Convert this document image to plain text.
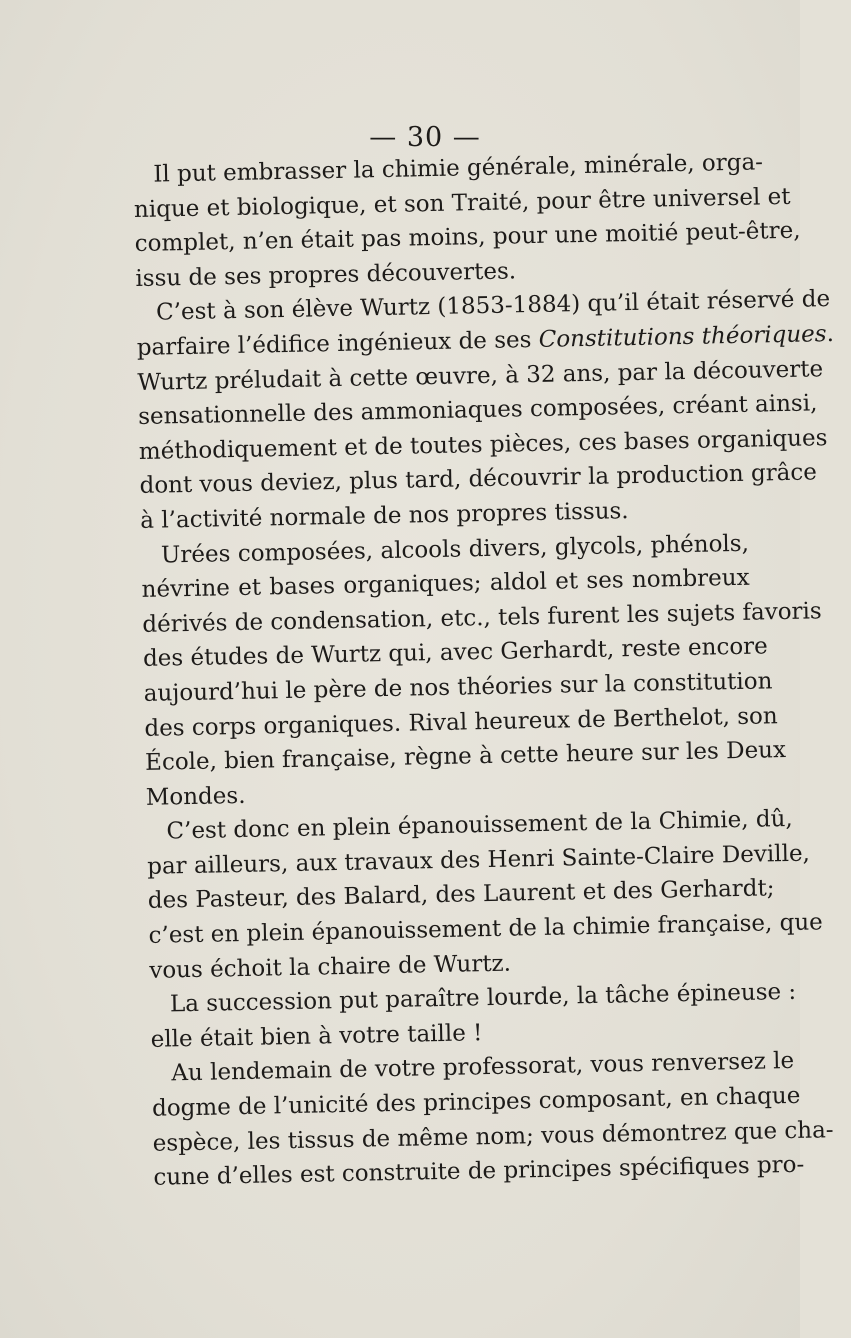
— 30 —
Il put embrasser la chimie générale, minérale, orga-
nique et biologique, et son Traité, pour être universel et
complet, n’en était pas moins, pour une moitié peut-être,
issu de ses propres découvertes.
C’est à son élève Wurtz (1853-1884) qu’il était réservé de
parfaire l’édifice ingénieux de ses Constitutions théoriques.
Wurtz préludait à cette œuvre, à 32 ans, par la découverte
sensationnelle des ammoniaques composées, créant ainsi,
méthodiquement et de toutes pièces, ces bases organiques
dont vous deviez, plus tard, découvrir la production grâce
à l’activité normale de nos propres tissus.
Urées composées, alcools divers, glycols, phénols,
névrine et bases organiques; aldol et ses nombreux
dérivés de condensation, etc., tels furent les sujets favoris
des études de Wurtz qui, avec Gerhardt, reste encore
aujourd’hui le père de nos théories sur la constitution
des corps organiques. Rival heureux de Berthelot, son
École, bien française, règne à cette heure sur les Deux
Mondes.
C’est donc en plein épanouissement de la Chimie, dû,
par ailleurs, aux travaux des Henri Sainte-Claire Deville,
des Pasteur, des Balard, des Laurent et des Gerhardt;
c’est en plein épanouissement de la chimie française, que
vous échoit la chaire de Wurtz.
La succession put paraître lourde, la tâche épineuse :
elle était bien à votre taille !
Au lendemain de votre professorat, vous renversez le
dogme de l’unicité des principes composant, en chaque
espèce, les tissus de même nom; vous démontrez que cha-
cune d’elles est construite de principes spécifiques pro-
